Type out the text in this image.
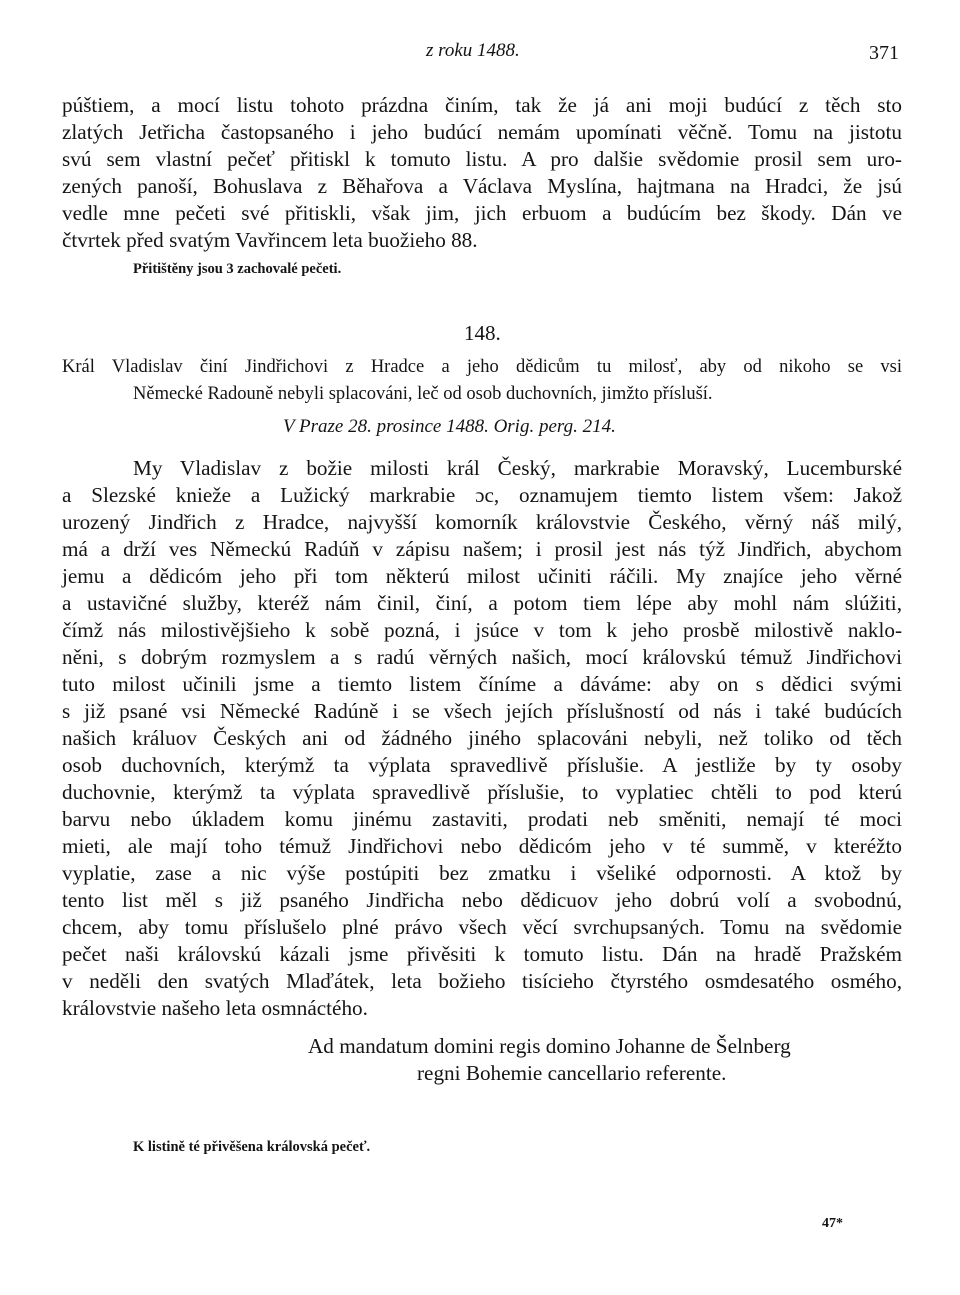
z roku 1488.	371
púštiem, a mocí listu tohoto prázdna činím, tak že já ani moji budúcí z těch sto
zlatých Jetřicha častopsaného i jeho budúcí nemám upomínati věčně. Tomu na jistotu
svú sem vlastní pečeť přitiskl k tomuto listu. A pro dalšie svědomie prosil sem uro-
zených panoší, Bohuslava z Běhařova a Václava Myslína, hajtmana na Hradci, že jsú
vedle mne pečeti své přitiskli, však jim, jich erbuom a budúcím bez škody. Dán ve
čtvrtek před svatým Vavřincem leta buožieho 88.
Přitištěny jsou 3 zachovalé pečeti.
148.
Král Vladislav činí Jindřichovi z Hradce a jeho dědicům tu milosť, aby od nikoho se vsi
Německé Radouně nebyli splacováni, leč od osob duchovních, jimžto přísluší.
V Praze 28. prosince 1488. Orig. perg. 214.
My Vladislav z božie milosti král Český, markrabie Moravský, Lucemburské
a Slezské knieže a Lužický markrabie ɔc, oznamujem tiemto listem všem: Jakož
urozený Jindřich z Hradce, najvyšší komorník královstvie Českého, věrný náš milý,
má a drží ves Německú Radúň v zápisu našem; i prosil jest nás týž Jindřich, abychom
jemu a dědicóm jeho při tom některú milost učiniti ráčili. My znajíce jeho věrné
a ustavičné služby, kteréž nám činil, činí, a potom tiem lépe aby mohl nám slúžiti,
čímž nás milostivějšieho k sobě pozná, i jsúce v tom k jeho prosbě milostivě naklo-
něni, s dobrým rozmyslem a s radú věrných našich, mocí královskú témuž Jindřichovi
tuto milost učinili jsme a tiemto listem číníme a dáváme: aby on s dědici svými
s již psané vsi Německé Radúně i se všech jejích příslušností od nás i také budúcích
našich králuov Českých ani od žádného jiného splacováni nebyli, než toliko od těch
osob duchovních, kterýmž ta výplata spravedlivě příslušie. A jestliže by ty osoby
duchovnie, kterýmž ta výplata spravedlivě příslušie, to vyplatiec chtěli to pod kterú
barvu nebo úkladem komu jinému zastaviti, prodati neb směniti, nemají té moci
mieti, ale mají toho témuž Jindřichovi nebo dědicóm jeho v té summě, v kteréžto
vyplatie, zase a nic výše postúpiti bez zmatku i všeliké odpornosti. A ktož by
tento list měl s již psaného Jindřicha nebo dědicuov jeho dobrú volí a svobodnú,
chcem, aby tomu příslušelo plné právo všech věcí svrchupsaných. Tomu na svědomie
pečet naši královskú kázali jsme přivěsiti k tomuto listu. Dán na hradě Pražském
v neděli den svatých Mlaďátek, leta božieho tisícieho čtyrstého osmdesatého osmého,
královstvie našeho leta osmnáctého.
Ad mandatum domini regis domino Johanne de Šelnberg
regni Bohemie cancellario referente.
K listině té přivěšena královská pečeť.
47*
